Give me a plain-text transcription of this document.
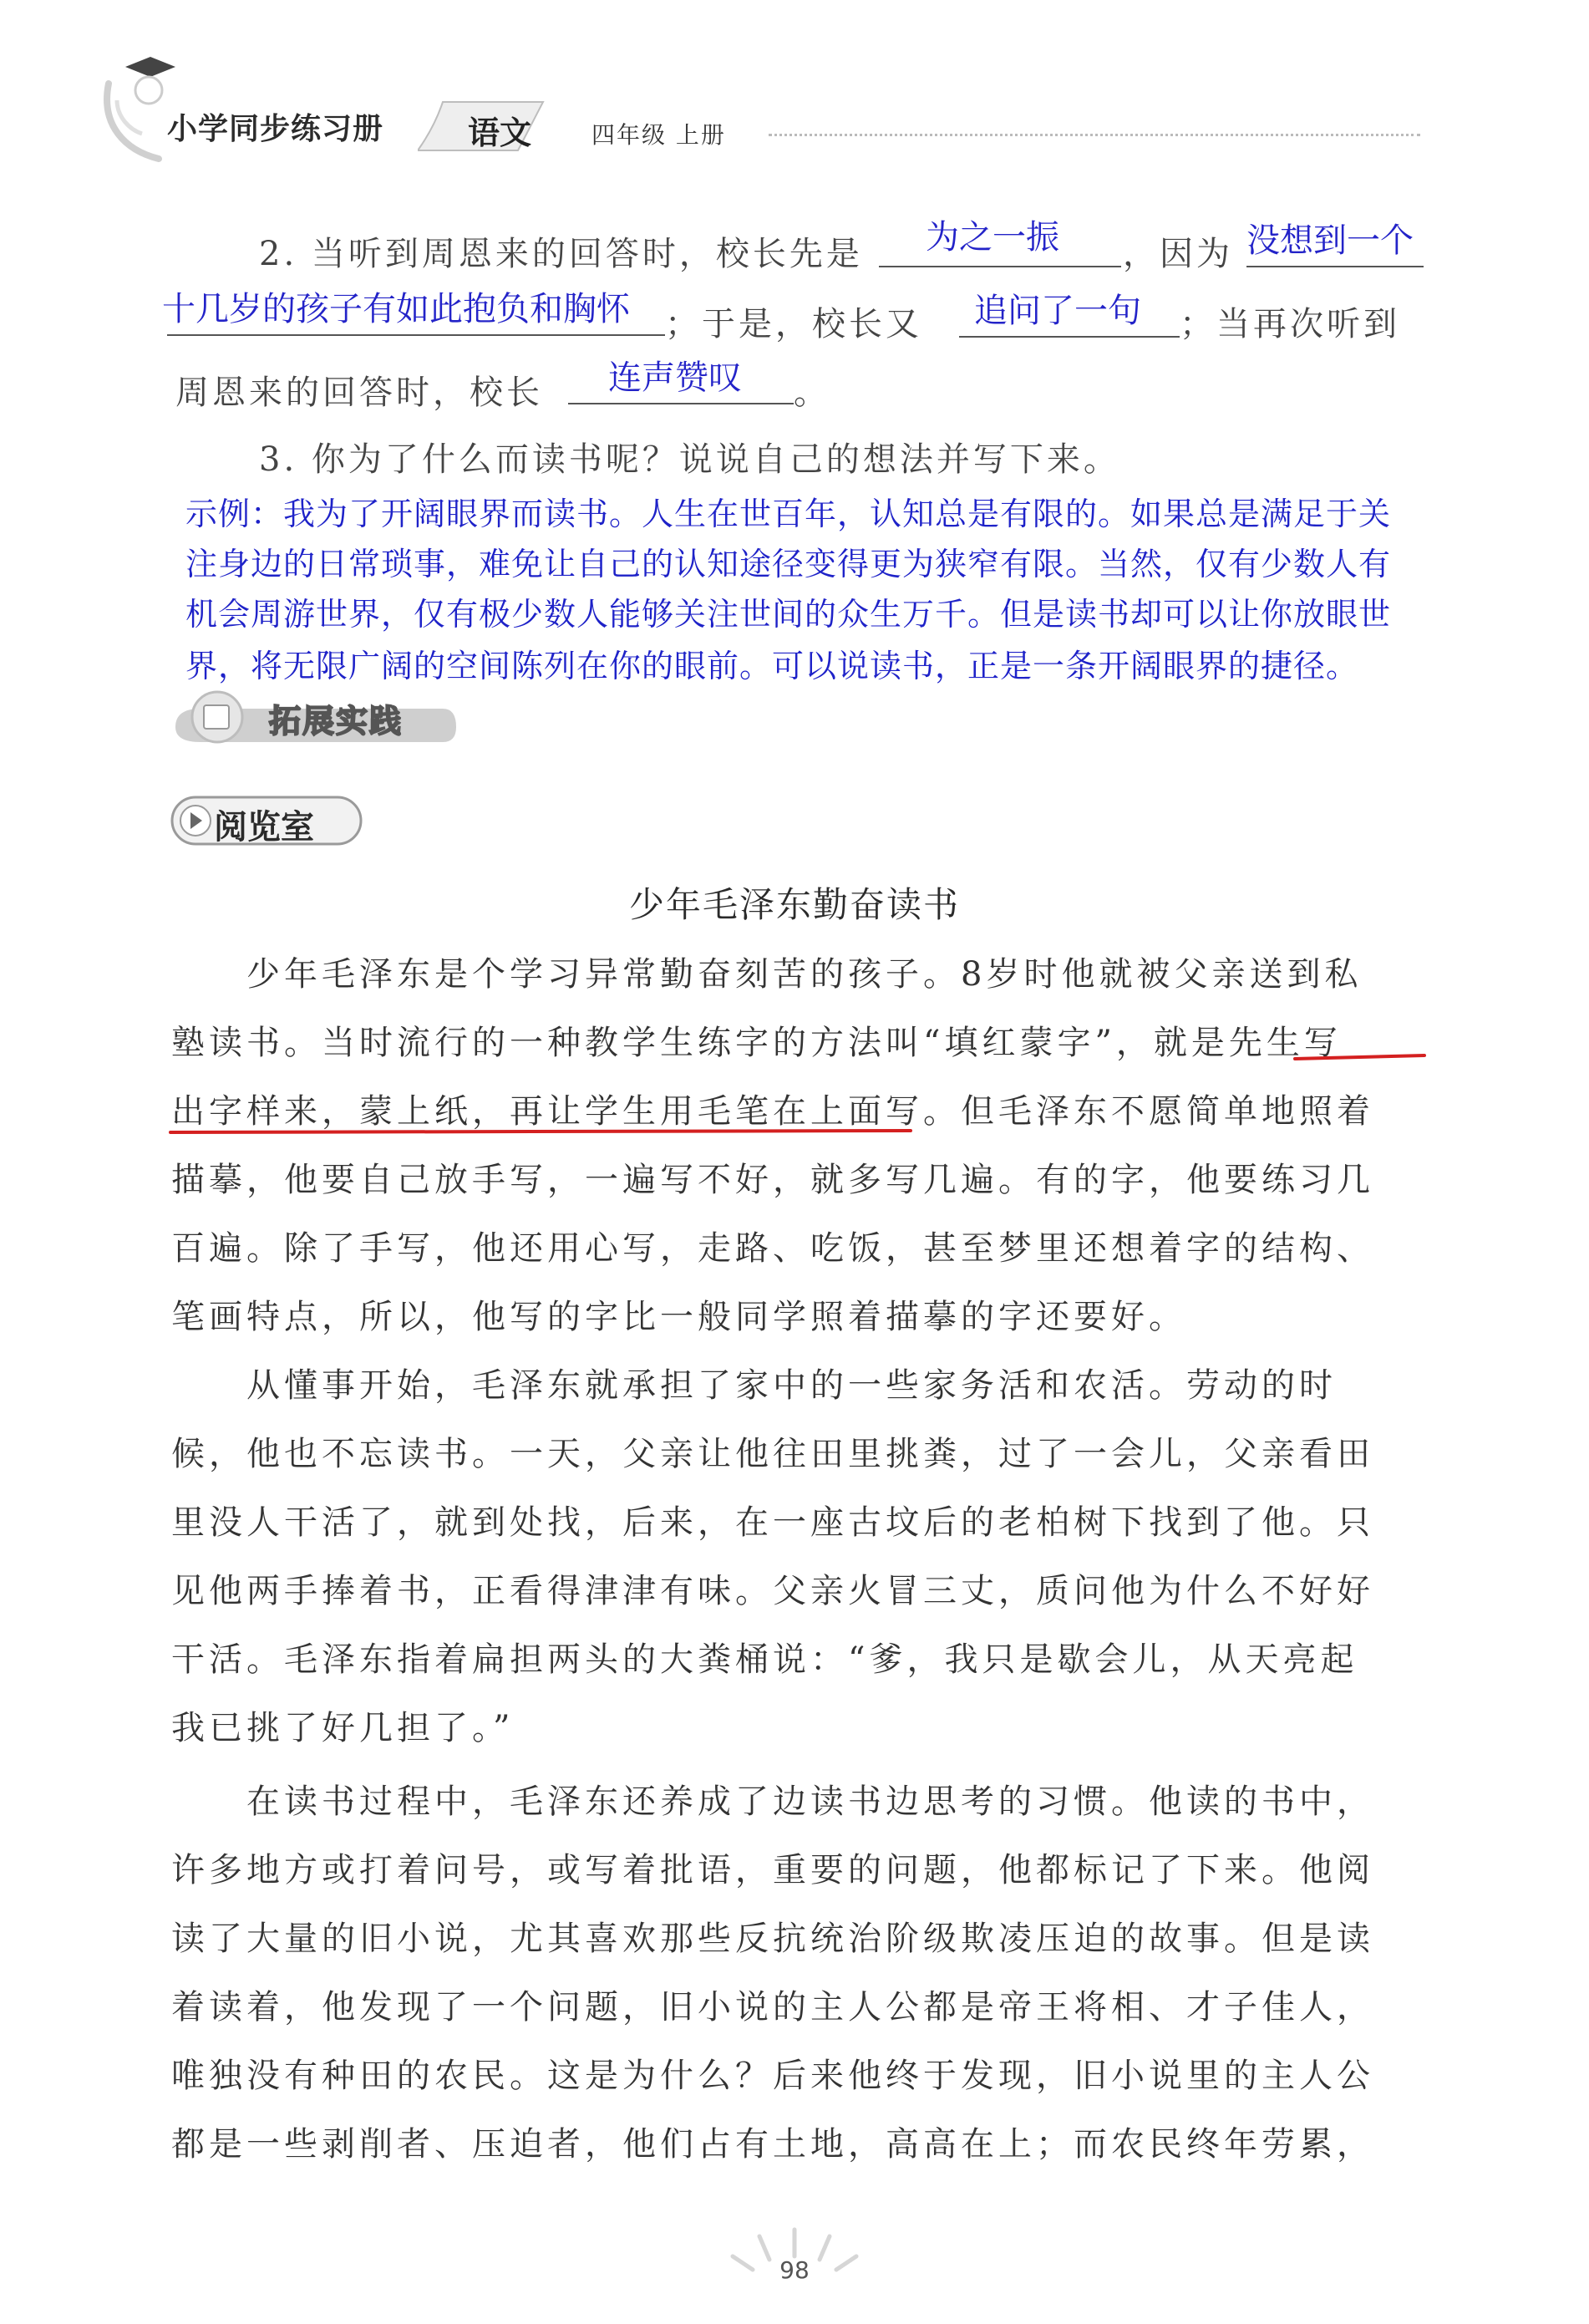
小学同步练习册	语文	四年级 上册
2. 当听到周恩来的回答时，校长先是 为之一振 ，因为 没想到一个
十几岁的孩子有如此抱负和胸怀 ；于是，校长又 追问了一句 ；当再次听到
周恩来的回答时，校长 连声赞叹 。
3. 你为了什么而读书呢？说说自己的想法并写下来。
示例：我为了开阔眼界而读书。人生在世百年，认知总是有限的。如果总是满足于关
注身边的日常琐事，难免让自己的认知途径变得更为狭窄有限。当然，仅有少数人有
机会周游世界，仅有极少数人能够关注世间的众生万千。但是读书却可以让你放眼世
界，将无限广阔的空间陈列在你的眼前。可以说读书，正是一条开阔眼界的捷径。
拓展实践
阅览室
少年毛泽东勤奋读书
　　少年毛泽东是个学习异常勤奋刻苦的孩子。8岁时他就被父亲送到私
塾读书。当时流行的一种教学生练字的方法叫“填红蒙字”，就是先生写
出字样来，蒙上纸，再让学生用毛笔在上面写。但毛泽东不愿简单地照着
描摹，他要自己放手写，一遍写不好，就多写几遍。有的字，他要练习几
百遍。除了手写，他还用心写，走路、吃饭，甚至梦里还想着字的结构、
笔画特点，所以，他写的字比一般同学照着描摹的字还要好。
　　从懂事开始，毛泽东就承担了家中的一些家务活和农活。劳动的时
候，他也不忘读书。一天，父亲让他往田里挑粪，过了一会儿，父亲看田
里没人干活了，就到处找，后来，在一座古坟后的老柏树下找到了他。只
见他两手捧着书，正看得津津有味。父亲火冒三丈，质问他为什么不好好
干活。毛泽东指着扁担两头的大粪桶说：“爹，我只是歇会儿，从天亮起
我已挑了好几担了。”
　　在读书过程中，毛泽东还养成了边读书边思考的习惯。他读的书中，
许多地方或打着问号，或写着批语，重要的问题，他都标记了下来。他阅
读了大量的旧小说，尤其喜欢那些反抗统治阶级欺凌压迫的故事。但是读
着读着，他发现了一个问题，旧小说的主人公都是帝王将相、才子佳人，
唯独没有种田的农民。这是为什么？后来他终于发现，旧小说里的主人公
都是一些剥削者、压迫者，他们占有土地，高高在上；而农民终年劳累，
98
